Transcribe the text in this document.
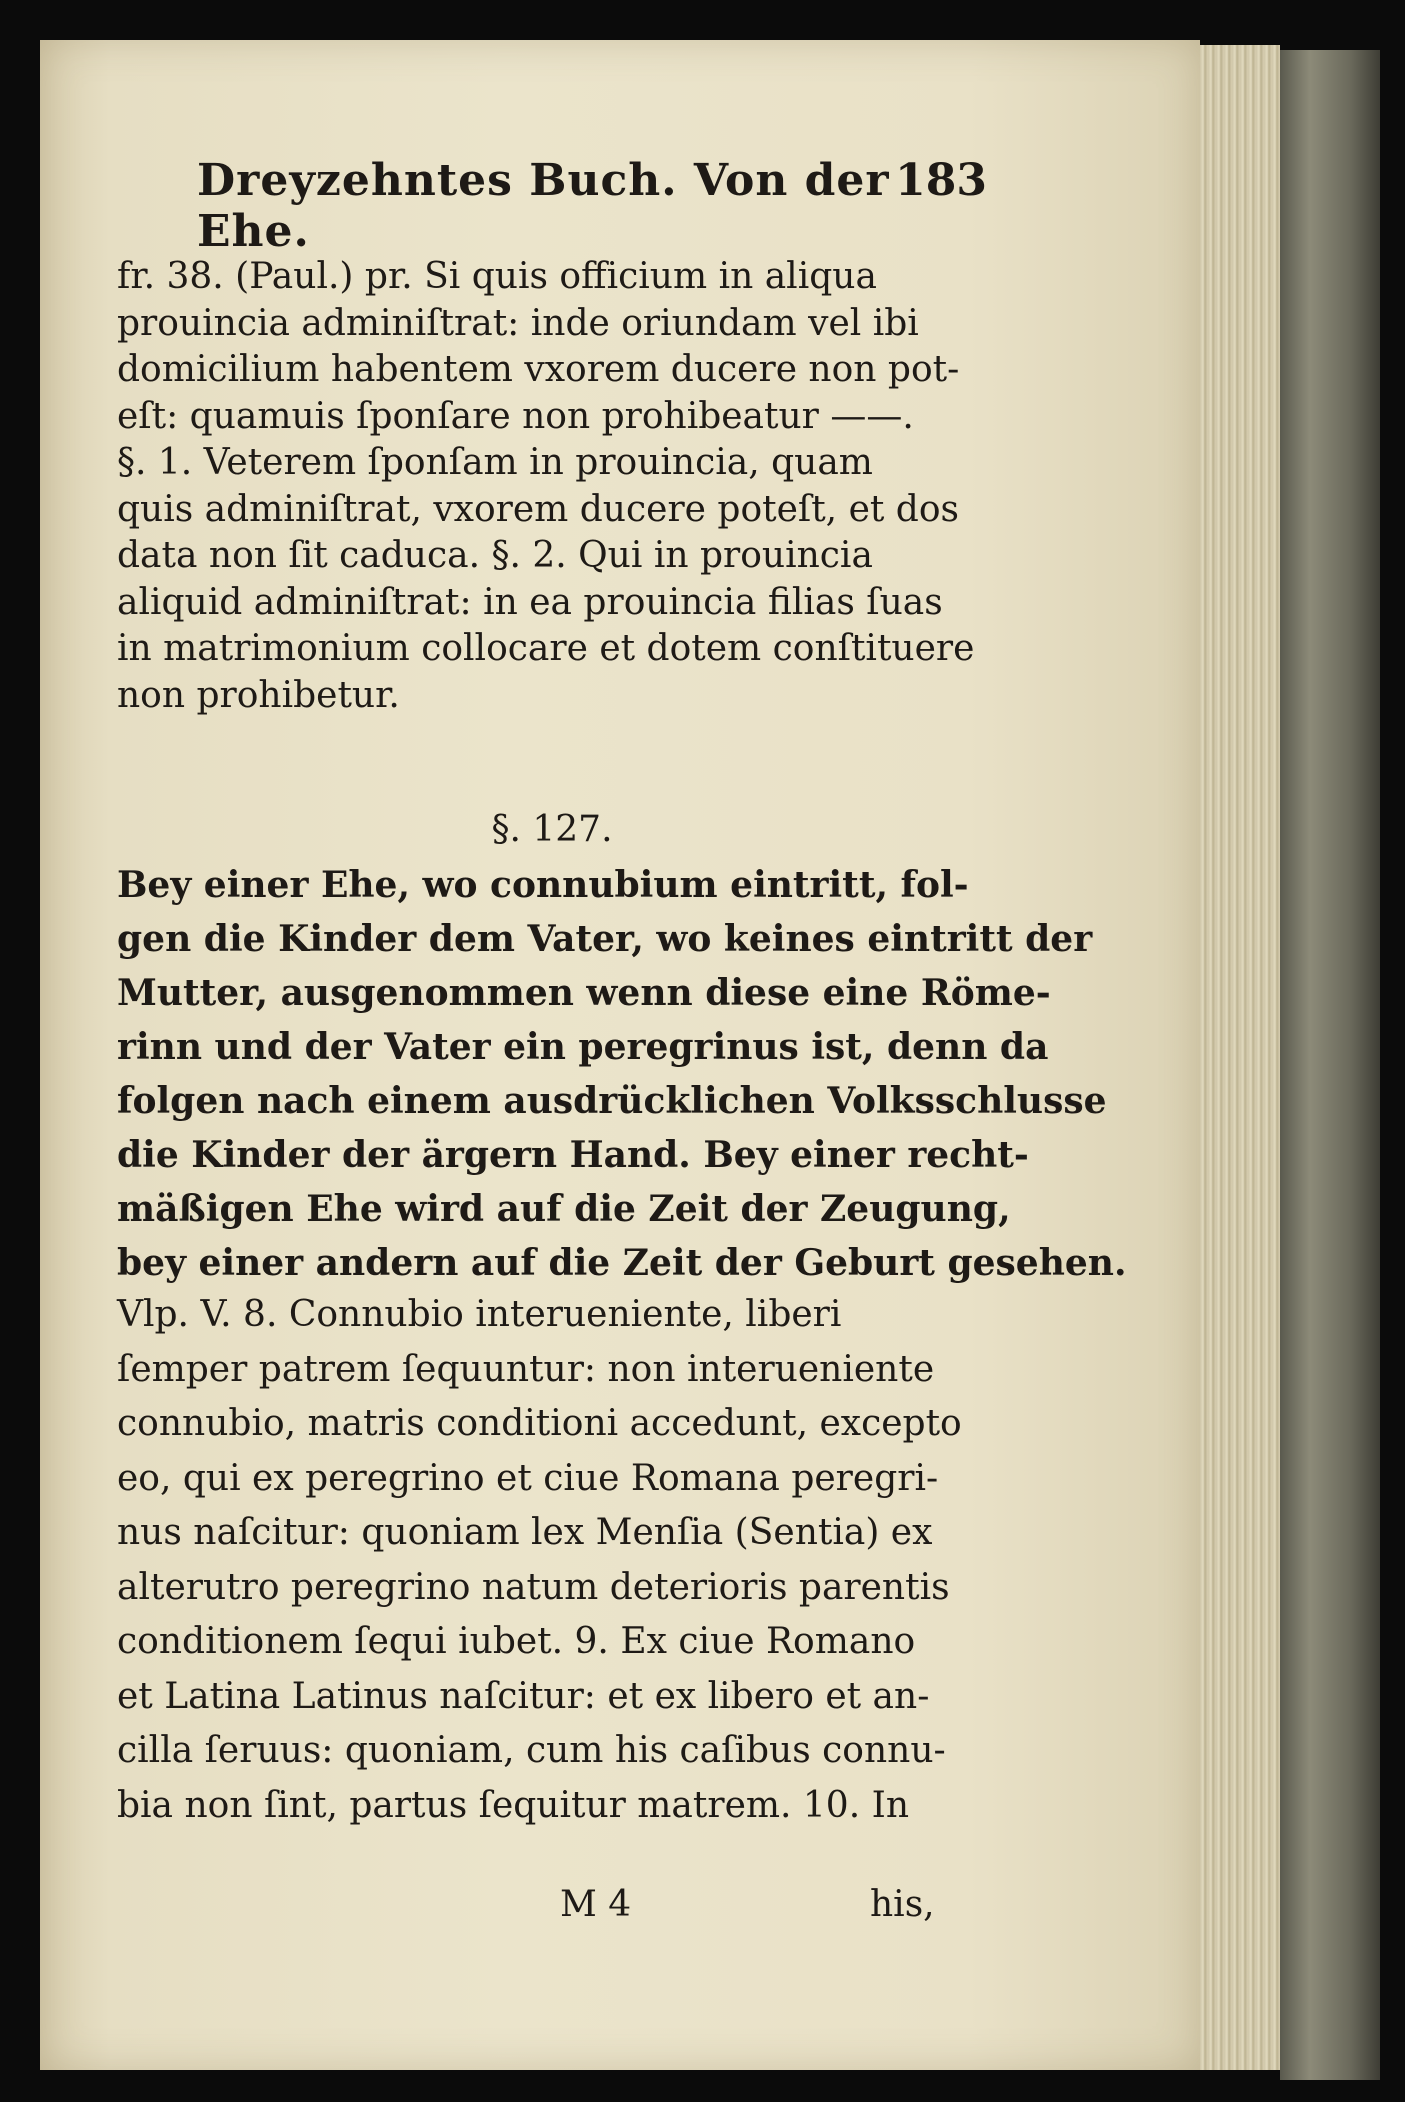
Dreyzehntes Buch. Von der Ehe.
183
fr. 38. (Paul.) pr. Si quis officium in aliqua
prouincia adminiſtrat: inde oriundam vel ibi
domicilium habentem vxorem ducere non pot-
eſt: quamuis ſponſare non prohibeatur ——.
§. 1. Veterem ſponſam in prouincia, quam
quis adminiſtrat, vxorem ducere poteſt, et dos
data non ſit caduca. §. 2. Qui in prouincia
aliquid adminiſtrat: in ea prouincia filias ſuas
in matrimonium collocare et dotem conſtituere
non prohibetur.
§. 127.
Bey einer Ehe, wo connubium eintritt, fol-
gen die Kinder dem Vater, wo keines eintritt der
Mutter, ausgenommen wenn diese eine Röme-
rinn und der Vater ein peregrinus ist, denn da
folgen nach einem ausdrücklichen Volksschlusse
die Kinder der ärgern Hand. Bey einer recht-
mäßigen Ehe wird auf die Zeit der Zeugung,
bey einer andern auf die Zeit der Geburt gesehen.
Vlp. V. 8. Connubio interueniente, liberi
ſemper patrem ſequuntur: non interueniente
connubio, matris conditioni accedunt, excepto
eo, qui ex peregrino et ciue Romana peregri-
nus naſcitur: quoniam lex Menſia (Sentia) ex
alterutro peregrino natum deterioris parentis
conditionem ſequi iubet. 9. Ex ciue Romano
et Latina Latinus naſcitur: et ex libero et an-
cilla ſeruus: quoniam, cum his caſibus connu-
bia non ſint, partus ſequitur matrem. 10. In
M 4	his,
